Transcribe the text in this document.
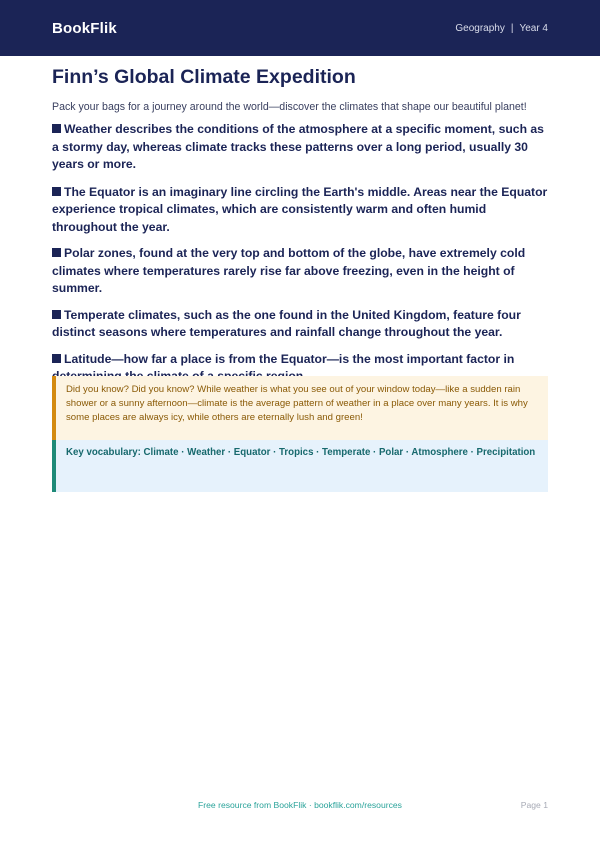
BookFlik	Geography | Year 4
Finn’s Global Climate Expedition

Pack your bags for a journey around the world—discover the climates that shape our beautiful planet!

Weather describes the conditions of the atmosphere at a specific moment, such as a stormy day, whereas climate tracks these patterns over a long period, usually 30 years or more.
The Equator is an imaginary line circling the Earth's middle. Areas near the Equator experience tropical climates, which are consistently warm and often humid throughout the year.
Polar zones, found at the very top and bottom of the globe, have extremely cold climates where temperatures rarely rise far above freezing, even in the height of summer.
Temperate climates, such as the one found in the United Kingdom, feature four distinct seasons where temperatures and rainfall change throughout the year.
Latitude—how far a place is from the Equator—is the most important factor in
Did you know? Did you know? While weather is what you see out of your window today—like a sudden rain shower or a sunny afternoon—climate is the average pattern of weather in a place over many years. It is why some places are always icy, while others are eternally lush and green!
Key vocabulary: Climate · Weather · Equator · Tropics · Temperate · Polar · Atmosphere · Precipitation
Free resource from BookFlik · bookflik.com/resources	Page 1
